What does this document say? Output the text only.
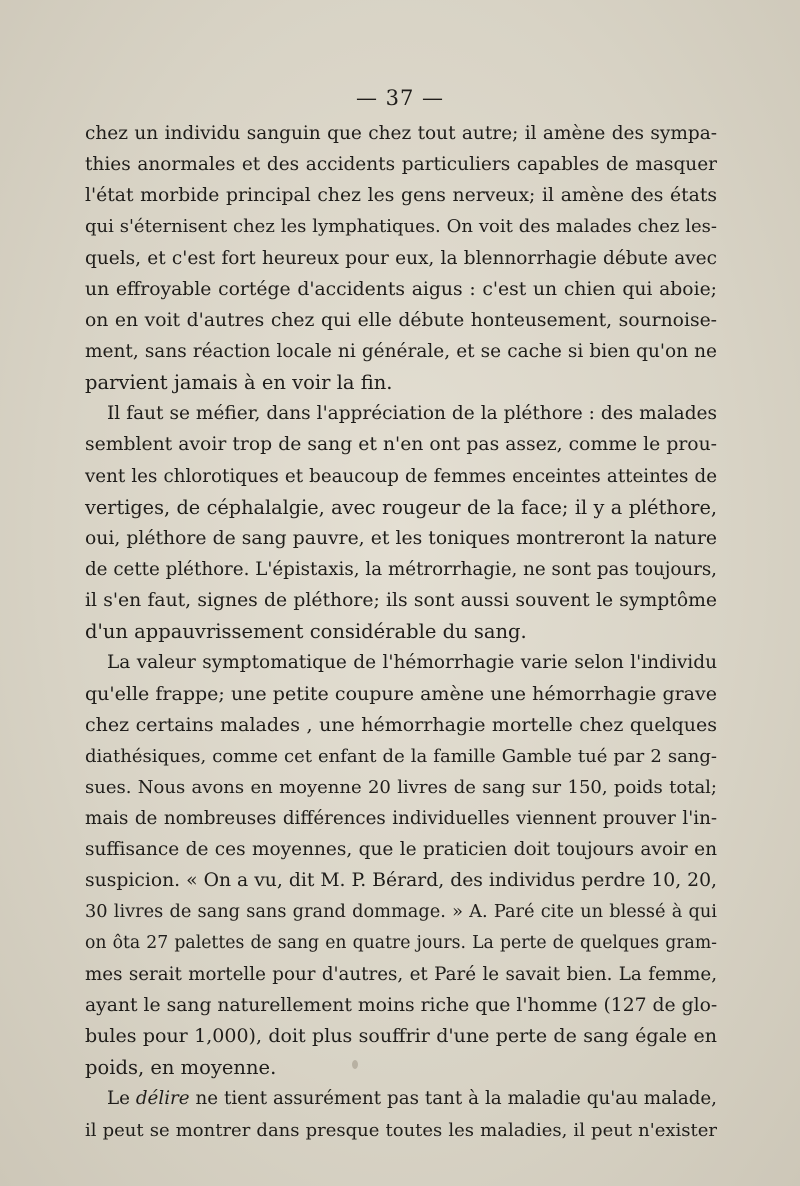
— 37 —
chez un individu sanguin que chez tout autre; il amène des sympa-
thies anormales et des accidents particuliers capables de masquer
l'état morbide principal chez les gens nerveux; il amène des états
qui s'éternisent chez les lymphatiques. On voit des malades chez les-
quels, et c'est fort heureux pour eux, la blennorrhagie débute avec
un effroyable cortége d'accidents aigus : c'est un chien qui aboie;
on en voit d'autres chez qui elle débute honteusement, sournoise-
ment, sans réaction locale ni générale, et se cache si bien qu'on ne
parvient jamais à en voir la fin.
Il faut se méfier, dans l'appréciation de la pléthore : des malades
semblent avoir trop de sang et n'en ont pas assez, comme le prou-
vent les chlorotiques et beaucoup de femmes enceintes atteintes de
vertiges, de céphalalgie, avec rougeur de la face; il y a pléthore,
oui, pléthore de sang pauvre, et les toniques montreront la nature
de cette pléthore. L'épistaxis, la métrorrhagie, ne sont pas toujours,
il s'en faut, signes de pléthore; ils sont aussi souvent le symptôme
d'un appauvrissement considérable du sang.
La valeur symptomatique de l'hémorrhagie varie selon l'individu
qu'elle frappe; une petite coupure amène une hémorrhagie grave
chez certains malades , une hémorrhagie mortelle chez quelques
diathésiques, comme cet enfant de la famille Gamble tué par 2 sang-
sues. Nous avons en moyenne 20 livres de sang sur 150, poids total;
mais de nombreuses différences individuelles viennent prouver l'in-
suffisance de ces moyennes, que le praticien doit toujours avoir en
suspicion. « On a vu, dit M. P. Bérard, des individus perdre 10, 20,
30 livres de sang sans grand dommage. » A. Paré cite un blessé à qui
on ôta 27 palettes de sang en quatre jours. La perte de quelques gram-
mes serait mortelle pour d'autres, et Paré le savait bien. La femme,
ayant le sang naturellement moins riche que l'homme (127 de glo-
bules pour 1,000), doit plus souffrir d'une perte de sang égale en
poids, en moyenne.
Le délire ne tient assurément pas tant à la maladie qu'au malade,
il peut se montrer dans presque toutes les maladies, il peut n'exister
